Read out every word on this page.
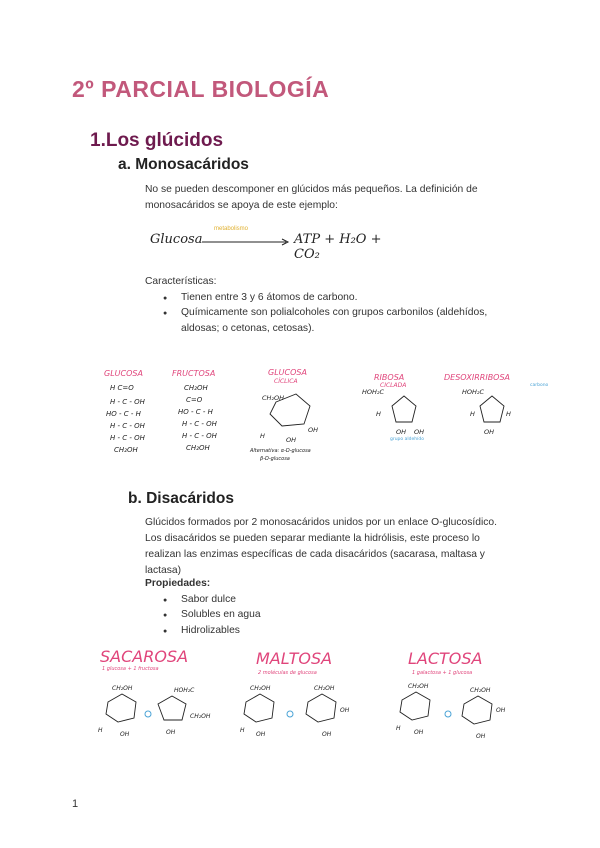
2º PARCIAL BIOLOGÍA
1.Los glúcidos
a. Monosacáridos
No se pueden descomponer en glúcidos más pequeños. La definición de
monosacáridos se apoya de este ejemplo:
Glucosa
metabolismo
ATP + H₂O + CO₂
Características:
● Tienen entre 3 y 6 átomos de carbono.
● Químicamente son polialcoholes con grupos carbonilos (aldehídos,
aldosas; o cetonas, cetosas).
GLUCOSA	FRUCTOSA	GLUCOSA
CÍCLICA	RIBOSA
CICLADA
DESOXIRRIBOSA
H C=O
H - C - OH
HO - C - H
H - C - OH
H - C - OH
CH₂OH
CH₂OH
C=O
HO - C - H
H - C - OH
H - C - OH
CH₂OH
CH₂OH
H	OH
OH
Alternativa: α-D-glucosa
β-D-glucosa
HOH₂C
H
OH OH
HOH₂C
H
OH
H
grupo aldehído
carbono
b. Disacáridos
Glúcidos formados por 2 monosacáridos unidos por un enlace O-glucosídico.
Los disacáridos se pueden separar mediante la hidrólisis, este proceso lo
realizan las enzimas específicas de cada disacáridos (sacarasa, maltasa y
lactasa)
Propiedades:
● Sabor dulce
● Solubles en agua
● Hidrolizables
SACAROSA	MALTOSA	LACTOSA
1 glucosa + 1 fructosa
2 moléculas de glucosa	1 galactosa + 1 glucosa
CH₂OH
H
OH
HOH₂C
CH₂OH
OH
CH₂OH
H
OH
CH₂OH
OH
OH
CH₂OH
H
OH
CH₂OH
OH
OH
1
